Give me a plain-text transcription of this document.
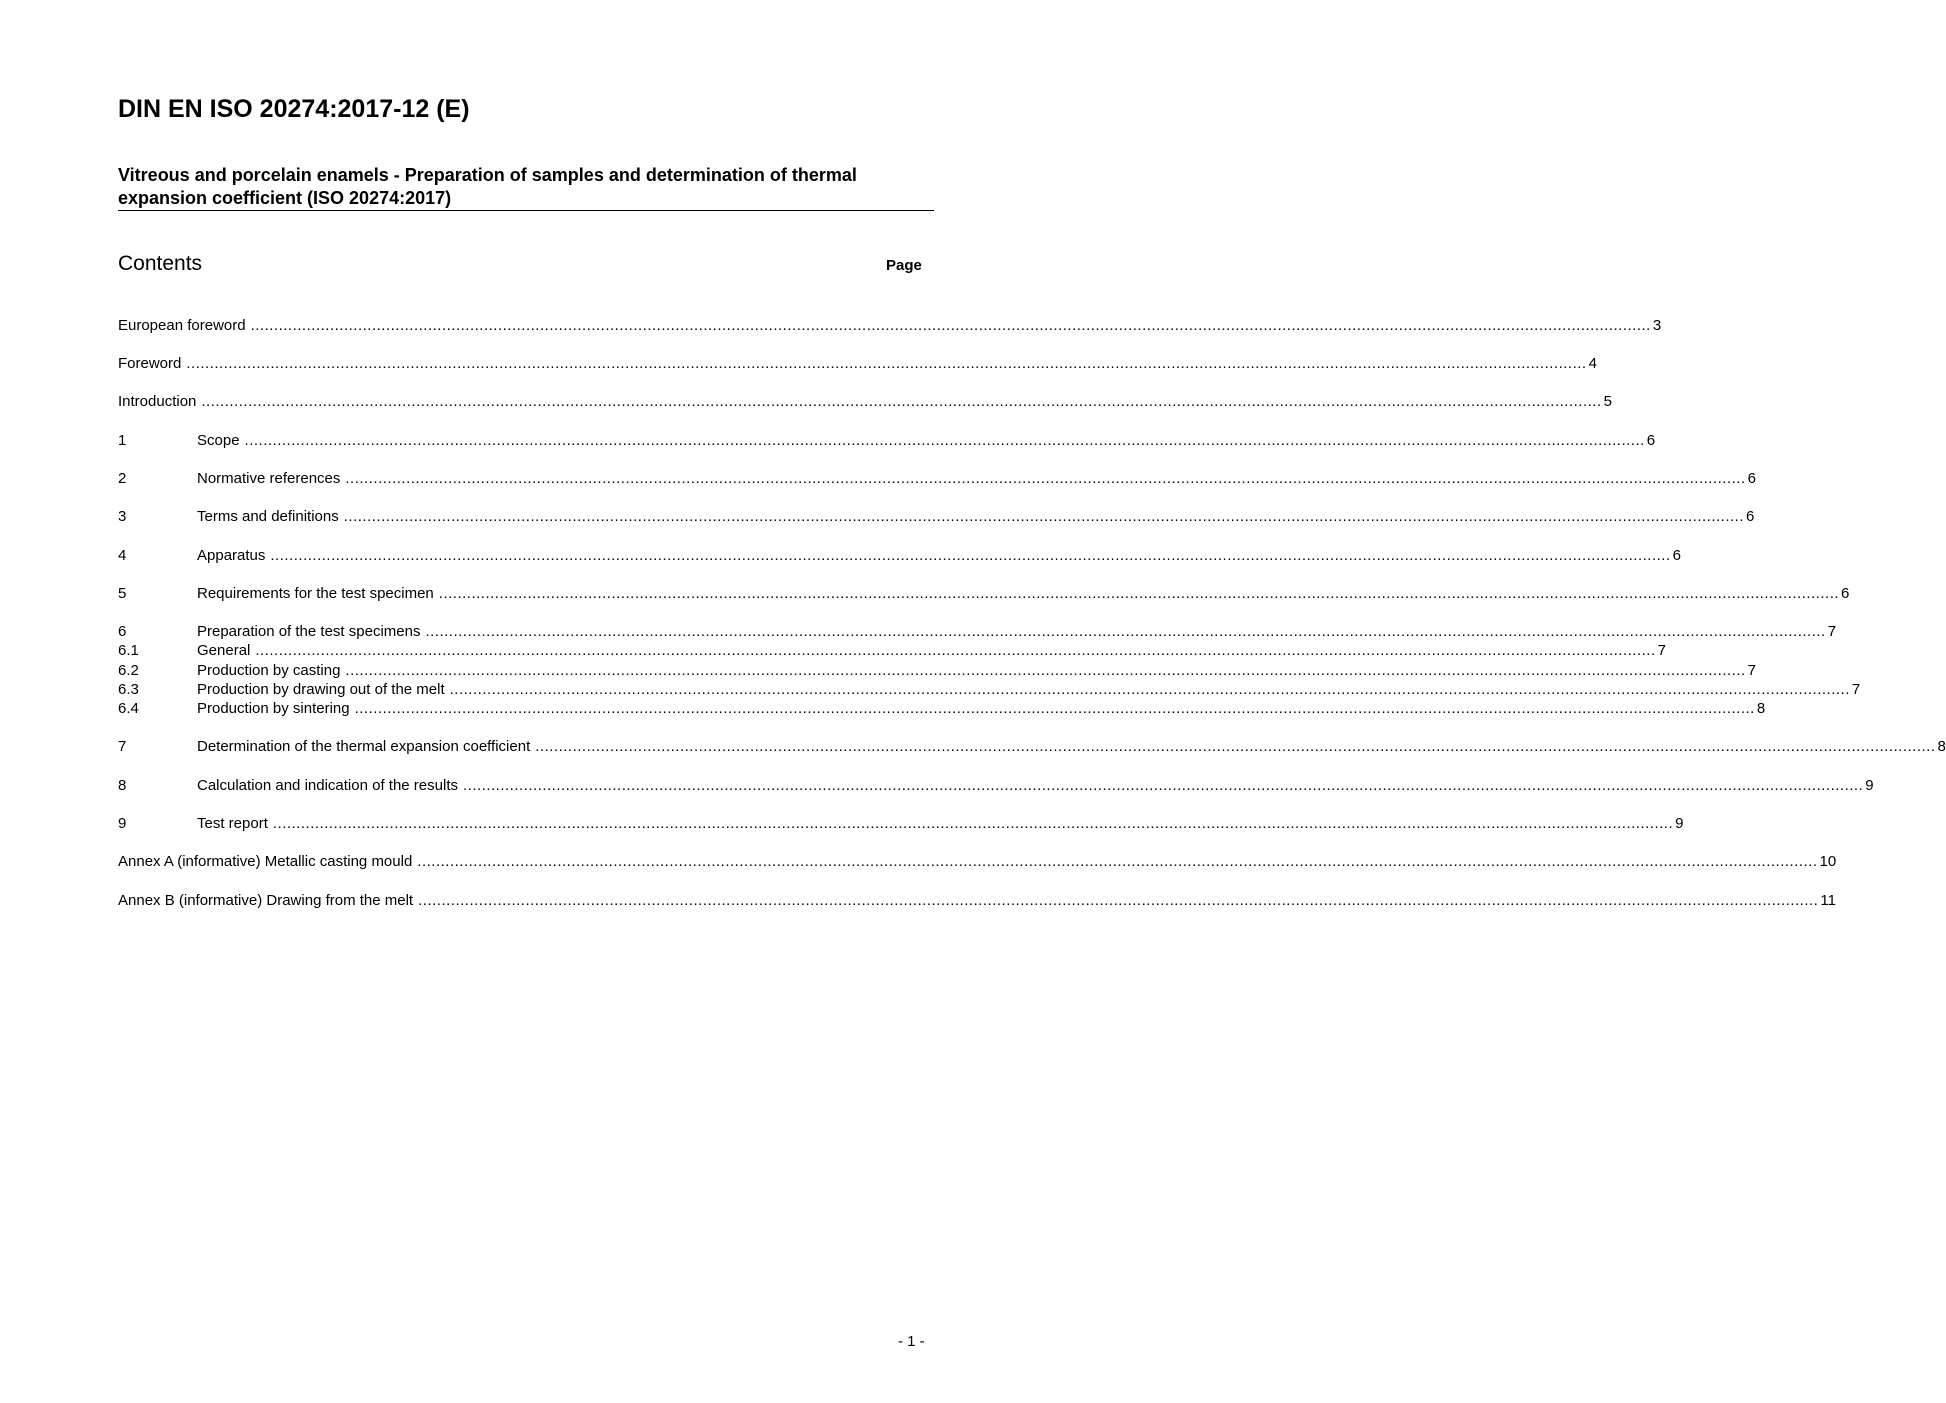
DIN EN ISO 20274:2017-12 (E)
Vitreous and porcelain enamels - Preparation of samples and determination of thermal expansion coefficient (ISO 20274:2017)
Contents	Page
European foreword ............................................................................................................................................................................................................................................................................................................ 3
Foreword ............................................................................................................................................................................................................................................................................................................ 4
Introduction ............................................................................................................................................................................................................................................................................................................ 5
1	Scope ............................................................................................................................................................................................................................................................................................................ 6
2	Normative references ............................................................................................................................................................................................................................................................................................................ 6
3	Terms and definitions ............................................................................................................................................................................................................................................................................................................ 6
4	Apparatus ............................................................................................................................................................................................................................................................................................................ 6
5	Requirements for the test specimen ............................................................................................................................................................................................................................................................................................................ 6
6	Preparation of the test specimens ............................................................................................................................................................................................................................................................................................................ 7
6.1	General ............................................................................................................................................................................................................................................................................................................ 7
6.2	Production by casting ............................................................................................................................................................................................................................................................................................................ 7
6.3	Production by drawing out of the melt ............................................................................................................................................................................................................................................................................................................ 7
6.4	Production by sintering ............................................................................................................................................................................................................................................................................................................ 8
7	Determination of the thermal expansion coefficient ............................................................................................................................................................................................................................................................................................................ 8
8	Calculation and indication of the results ............................................................................................................................................................................................................................................................................................................ 9
9	Test report ............................................................................................................................................................................................................................................................................................................ 9
Annex A (informative) Metallic casting mould ............................................................................................................................................................................................................................................................................................................ 10
Annex B (informative) Drawing from the melt ............................................................................................................................................................................................................................................................................................................ 11
- 1 -
